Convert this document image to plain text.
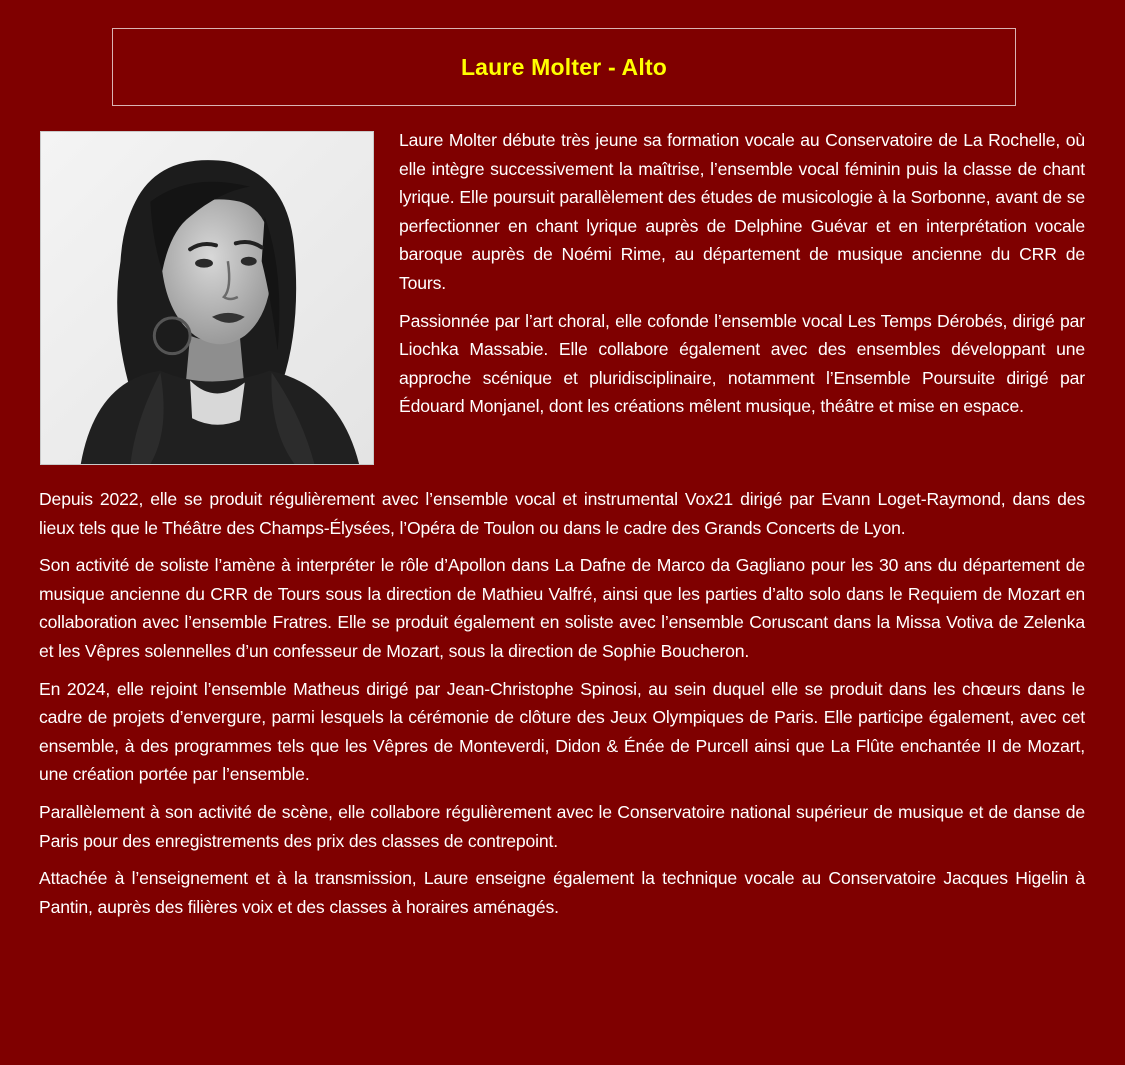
Laure Molter - Alto

Laure Molter débute très jeune sa formation vocale au Conservatoire de La Rochelle, où elle intègre successivement la maîtrise, l’ensemble vocal féminin puis la classe de chant lyrique. Elle poursuit parallèlement des études de musicologie à la Sorbonne, avant de se perfectionner en chant lyrique auprès de Delphine Guévar et en interprétation vocale baroque auprès de Noémi Rime, au département de musique ancienne du CRR de Tours.

Passionnée par l’art choral, elle cofonde l’ensemble vocal Les Temps Dérobés, dirigé par Liochka Massabie. Elle collabore également avec des ensembles développant une approche scénique et pluridisciplinaire, notamment l’Ensemble Poursuite dirigé par Édouard Monjanel, dont les créations mêlent musique, théâtre et mise en espace.

Depuis 2022, elle se produit régulièrement avec l’ensemble vocal et instrumental Vox21 dirigé par Evann Loget-Raymond, dans des lieux tels que le Théâtre des Champs-Élysées, l’Opéra de Toulon ou dans le cadre des Grands Concerts de Lyon.

Son activité de soliste l’amène à interpréter le rôle d’Apollon dans La Dafne de Marco da Gagliano pour les 30 ans du département de musique ancienne du CRR de Tours sous la direction de Mathieu Valfré, ainsi que les parties d’alto solo dans le Requiem de Mozart en collaboration avec l’ensemble Fratres. Elle se produit également en soliste avec l’ensemble Coruscant dans la Missa Votiva de Zelenka et les Vêpres solennelles d’un confesseur de Mozart, sous la direction de Sophie Boucheron.

En 2024, elle rejoint l’ensemble Matheus dirigé par Jean-Christophe Spinosi, au sein duquel elle se produit dans les chœurs dans le cadre de projets d’envergure, parmi lesquels la cérémonie de clôture des Jeux Olympiques de Paris. Elle participe également, avec cet ensemble, à des programmes tels que les Vêpres de Monteverdi, Didon & Énée de Purcell ainsi que La Flûte enchantée II de Mozart, une création portée par l’ensemble.

Parallèlement à son activité de scène, elle collabore régulièrement avec le Conservatoire national supérieur de musique et de danse de Paris pour des enregistrements des prix des classes de contrepoint.

Attachée à l’enseignement et à la transmission, Laure enseigne également la technique vocale au Conservatoire Jacques Higelin à Pantin, auprès des filières voix et des classes à horaires aménagés.
